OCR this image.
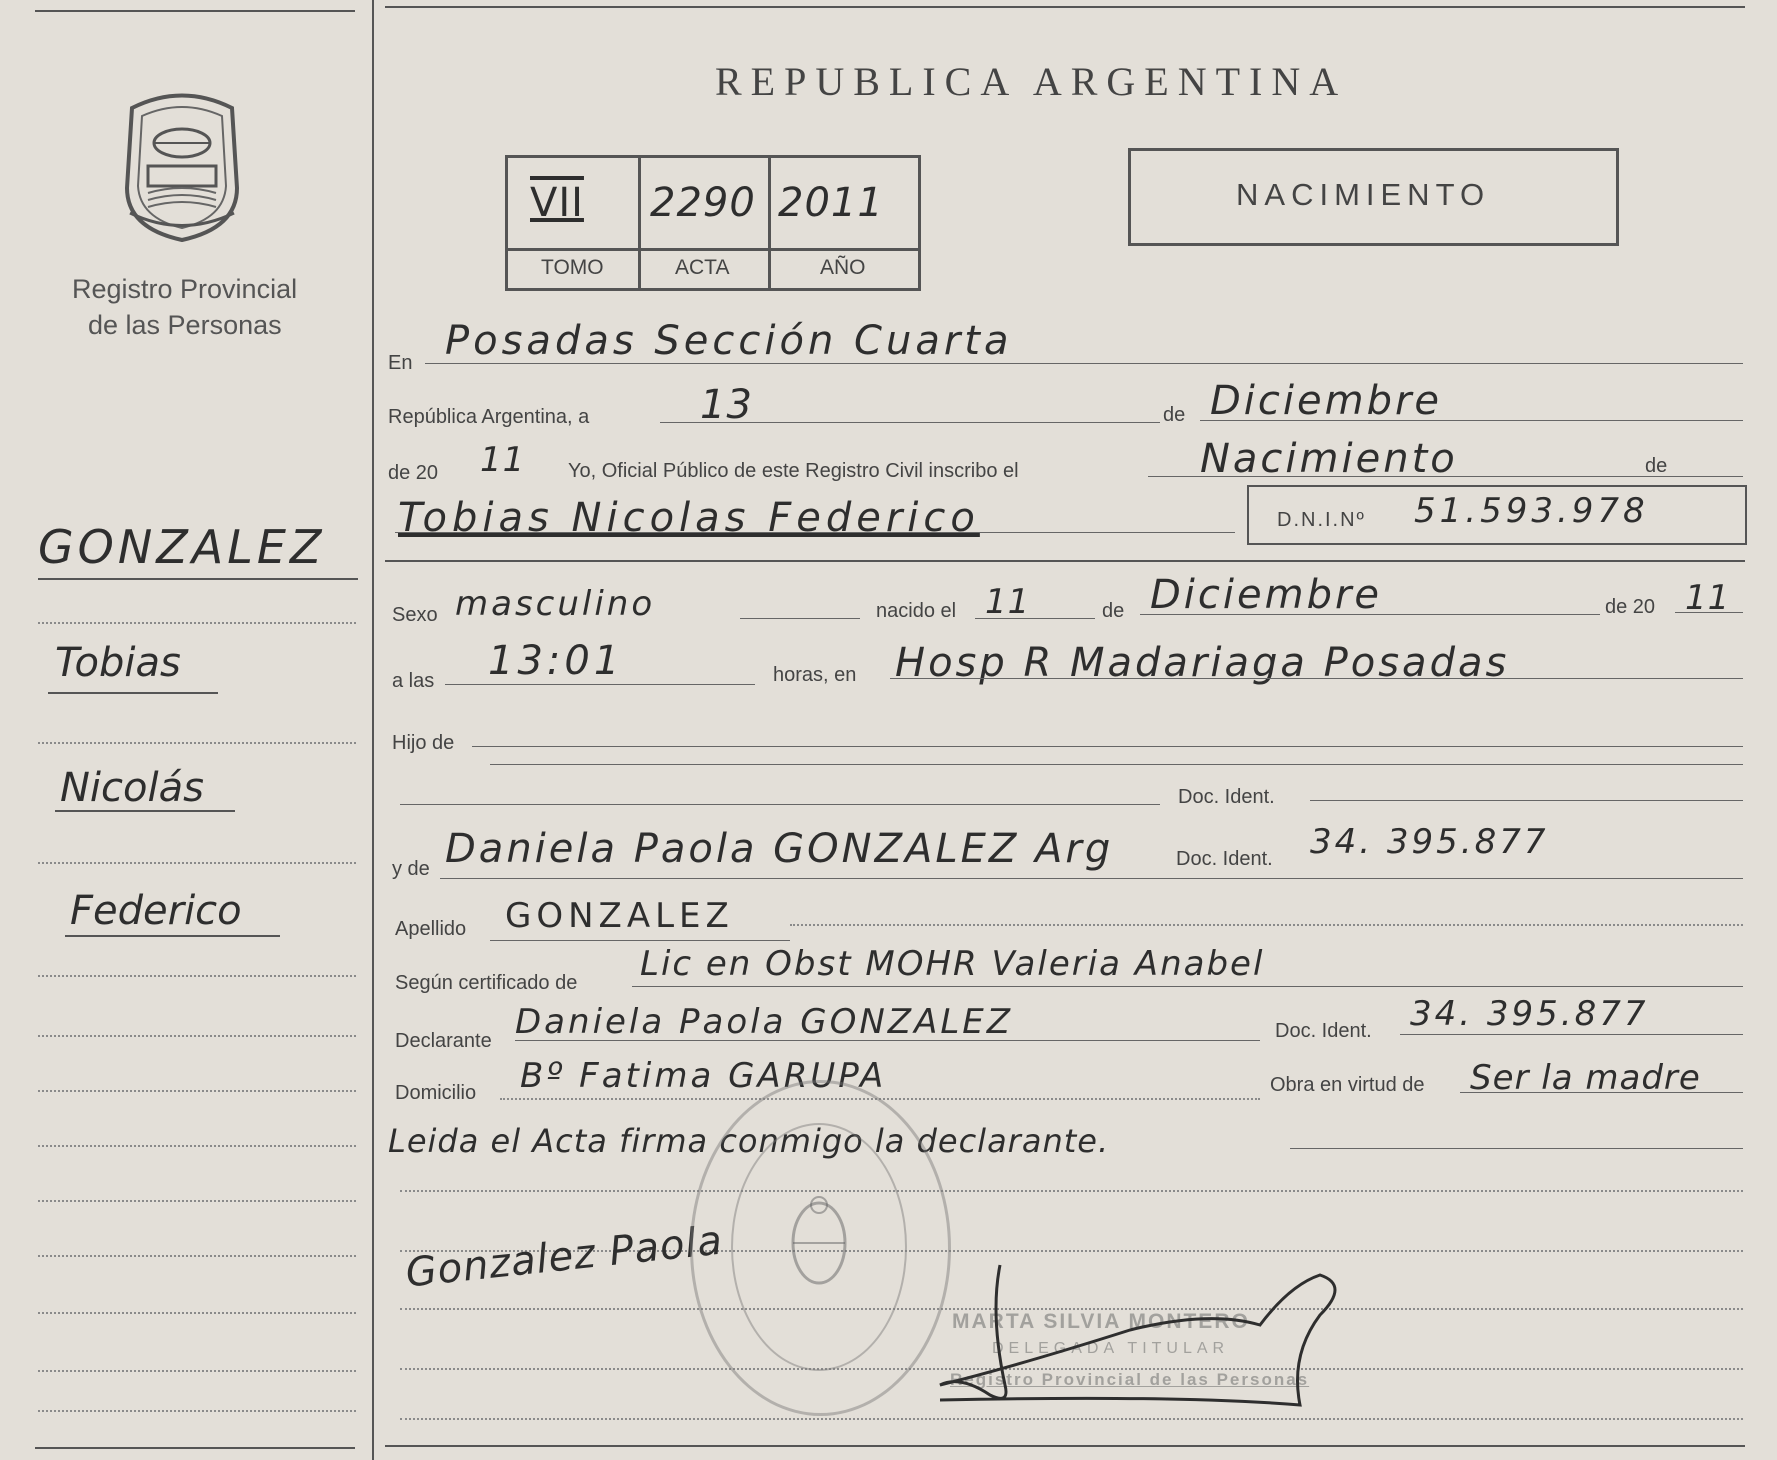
Registro Provincial
de las Personas
GONZALEZ
Tobias
Nicolás
Federico
REPUBLICA ARGENTINA
VII 2290 2011
TOMO	ACTA	AÑO
NACIMIENTO
En Posadas Sección Cuarta
República Argentina, a	13	de Diciembre
de 20 11 Yo, Oficial Público de este Registro Civil inscribo el	Nacimiento	de
Tobias Nicolas Federico	D.N.I.Nº 51.593.978
Sexo masculino	nacido el 11	de Diciembre	de 20 11
a las 13:01	horas, en Hosp R Madariaga Posadas
Hijo de
Doc. Ident.
y de Daniela Paola GONZALEZ Arg	Doc. Ident. 34. 395.877
Apellido GONZALEZ
Según certificado de Lic en Obst MOHR Valeria Anabel
Declarante Daniela Paola GONZALEZ	Doc. Ident. 34. 395.877
Domicilio Bº Fatima GARUPA	Obra en virtud de Ser la madre
Leida el Acta firma conmigo la declarante.
Gonzalez Paola
MARTA SILVIA MONTERO
DELEGADA TITULAR
Registro Provincial de las Personas
